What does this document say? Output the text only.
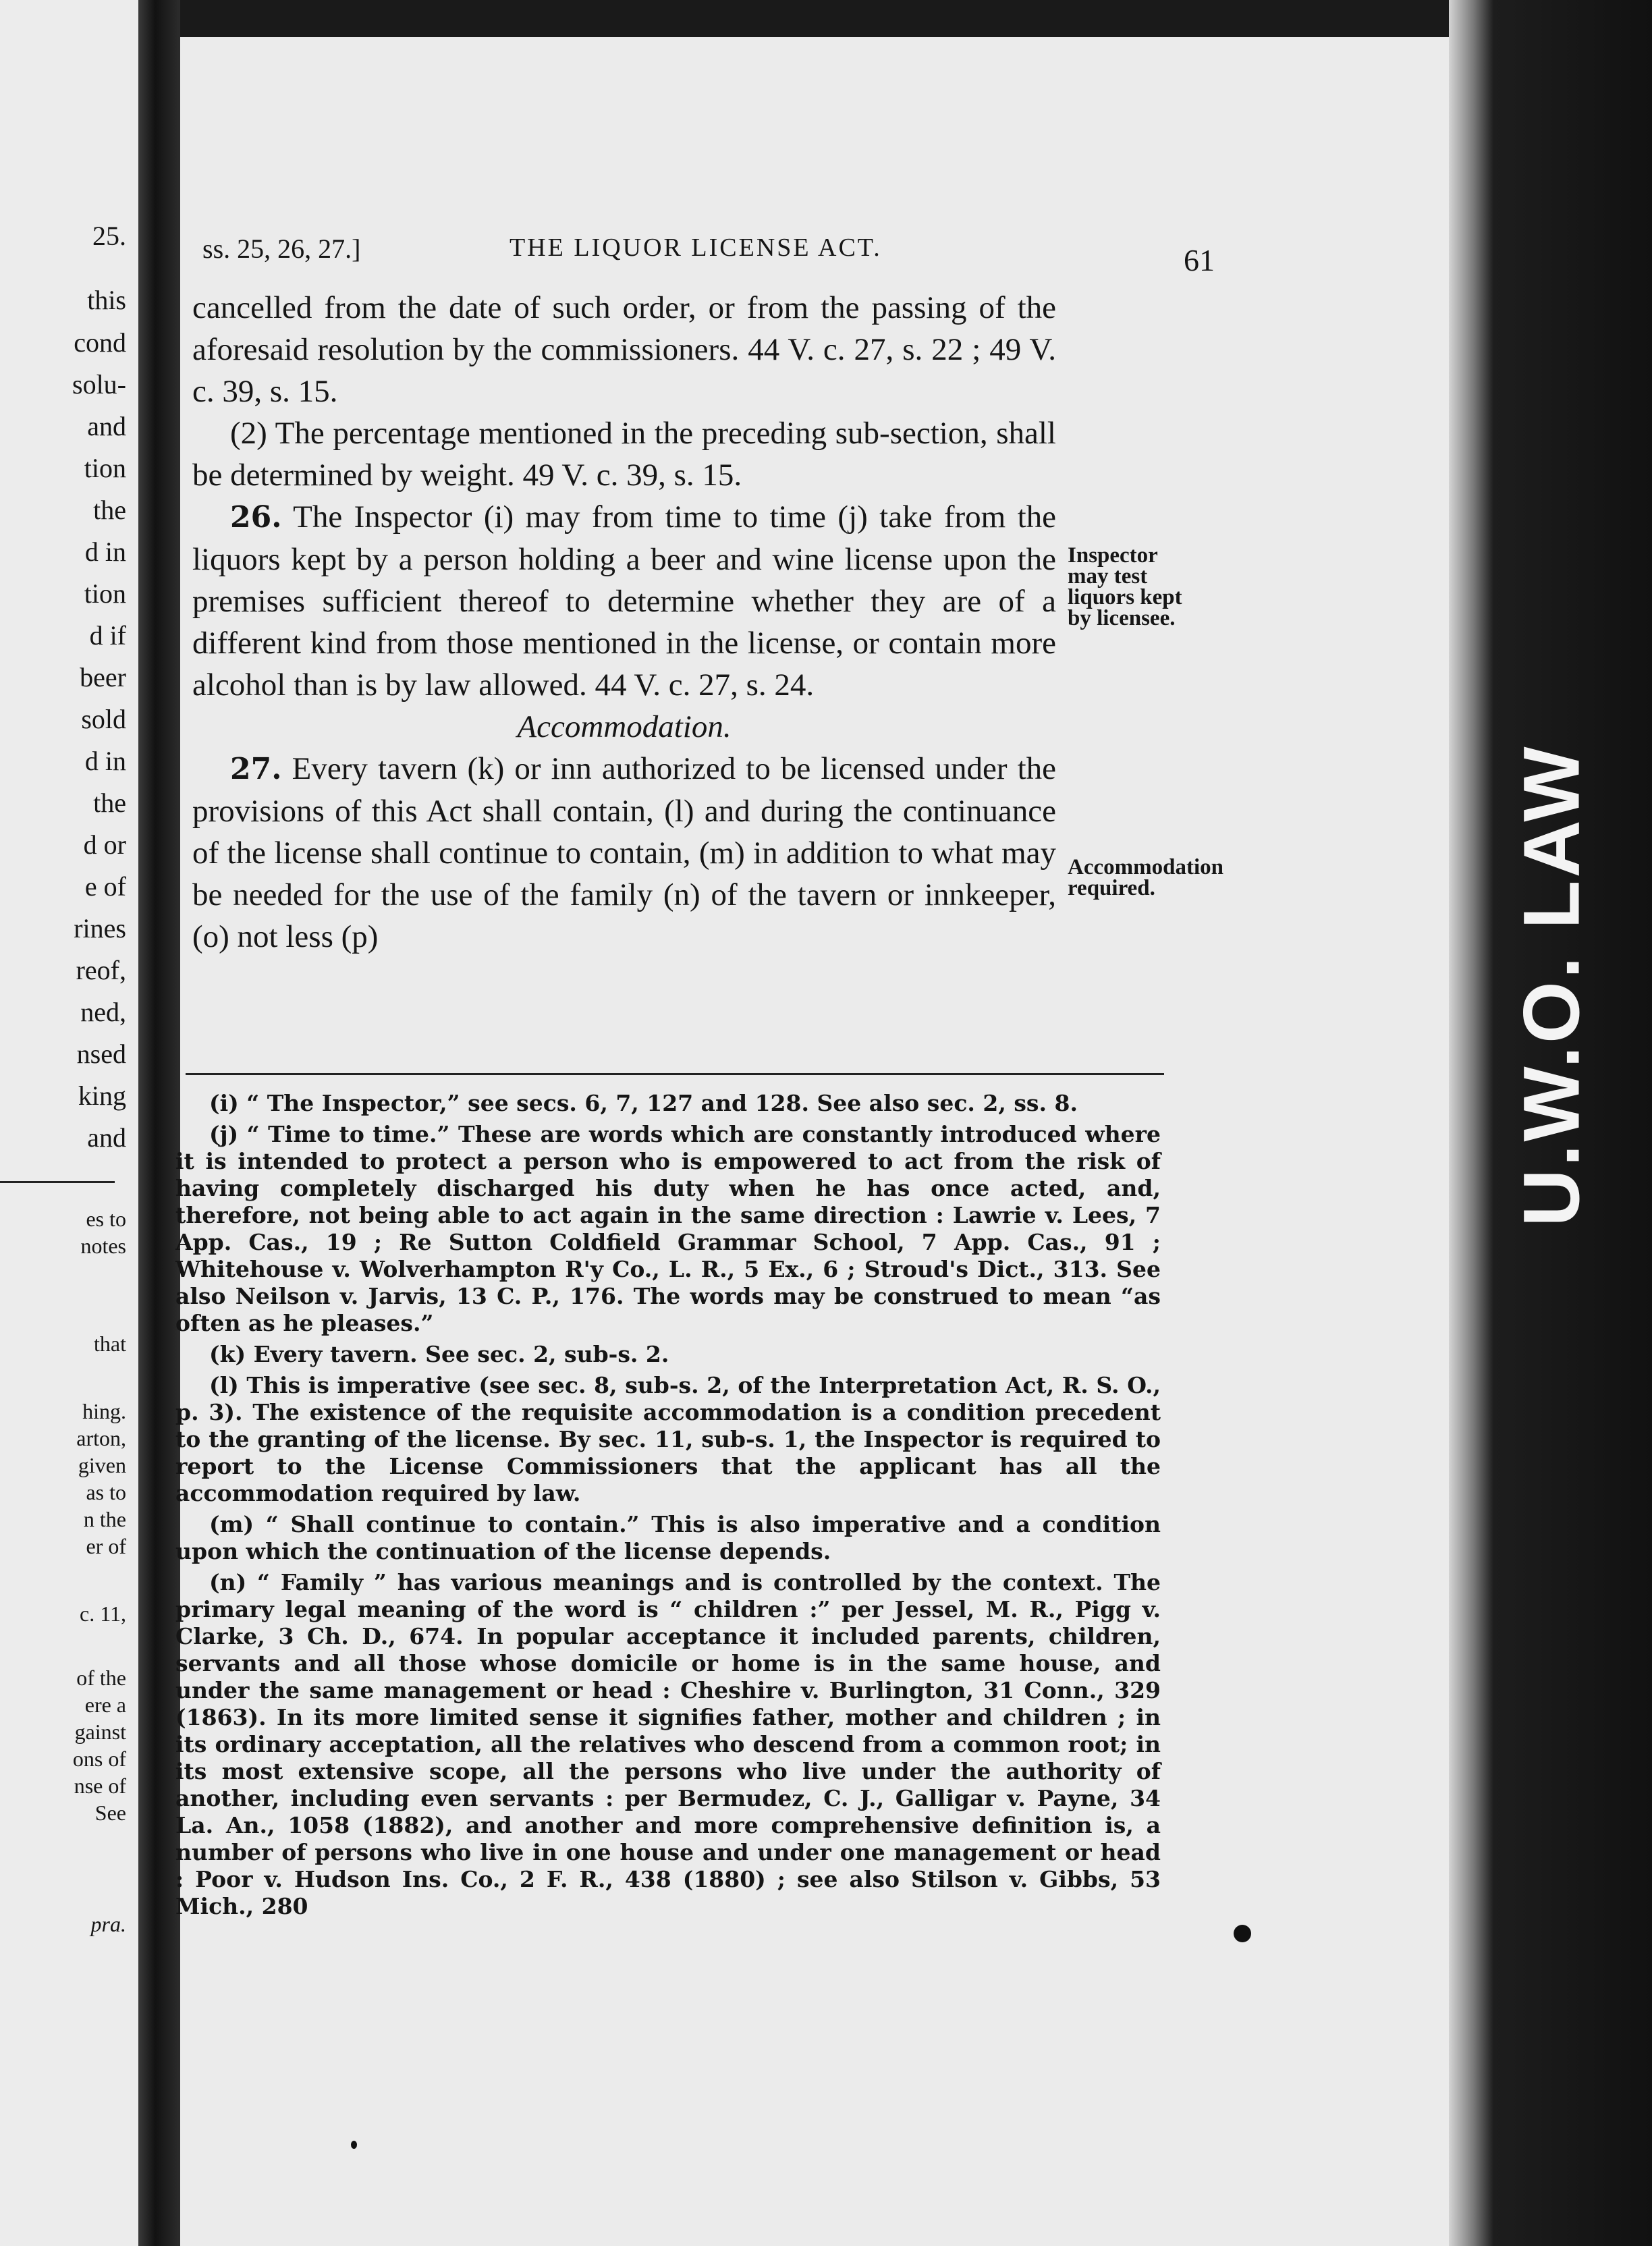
25.
this
cond
solu-
and
tion
the
d in
tion
d if
beer
sold
d in
the
d or
e of
rines
reof,
ned,
nsed
king
and
es to
notes
that
hing.
arton,
given
as to
n the
er of
c. 11,
of the
ere a
gainst
ons of
nse of
See
pra.
U.W.O. LAW
ss. 25, 26, 27.]	THE LIQUOR LICENSE ACT.	61

cancelled from the date of such order, or from the passing of the aforesaid resolution by the commissioners. 44 V. c. 27, s. 22 ; 49 V. c. 39, s. 15.

(2) The percentage mentioned in the preceding sub-section, shall be determined by weight. 49 V. c. 39, s. 15.

26. The Inspector (i) may from time to time (j) take from the liquors kept by a person holding a beer and wine license upon the premises sufficient thereof to determine whether they are of a different kind from those mentioned in the license, or contain more alcohol than is by law allowed. 44 V. c. 27, s. 24.

Accommodation.

27. Every tavern (k) or inn authorized to be licensed under the provisions of this Act shall contain, (l) and during the continuance of the license shall continue to contain, (m) in addition to what may be needed for the use of the family (n) of the tavern or innkeeper, (o) not less (p)

Inspector may test liquors kept by licensee.
Accommodation required.

(i) “ The Inspector,” see secs. 6, 7, 127 and 128. See also sec. 2, ss. 8.

(j) “ Time to time.” These are words which are constantly introduced where it is intended to protect a person who is empowered to act from the risk of having completely discharged his duty when he has once acted, and, therefore, not being able to act again in the same direction : Lawrie v. Lees, 7 App. Cas., 19 ; Re Sutton Coldfield Grammar School, 7 App. Cas., 91 ; Whitehouse v. Wolverhampton R'y Co., L. R., 5 Ex., 6 ; Stroud's Dict., 313. See also Neilson v. Jarvis, 13 C. P., 176. The words may be construed to mean “as often as he pleases.”

(k) Every tavern. See sec. 2, sub-s. 2.

(l) This is imperative (see sec. 8, sub-s. 2, of the Interpretation Act, R. S. O., p. 3). The existence of the requisite accommodation is a condition precedent to the granting of the license. By sec. 11, sub-s. 1, the Inspector is required to report to the License Commissioners that the applicant has all the accommodation required by law.

(m) “ Shall continue to contain.” This is also imperative and a condition upon which the continuation of the license depends.

(n) “ Family ” has various meanings and is controlled by the context. The primary legal meaning of the word is “ children :” per Jessel, M. R., Pigg v. Clarke, 3 Ch. D., 674. In popular acceptance it included parents, children, servants and all those whose domicile or home is in the same house, and under the same management or head : Cheshire v. Burlington, 31 Conn., 329 (1863). In its more limited sense it signifies father, mother and children ; in its ordinary acceptation, all the relatives who descend from a common root; in its most extensive scope, all the persons who live under the authority of another, including even servants : per Bermudez, C. J., Galligar v. Payne, 34 La. An., 1058 (1882), and another and more comprehensive definition is, a number of persons who live in one house and under one management or head : Poor v. Hudson Ins. Co., 2 F. R., 438 (1880) ; see also Stilson v. Gibbs, 53 Mich., 280
